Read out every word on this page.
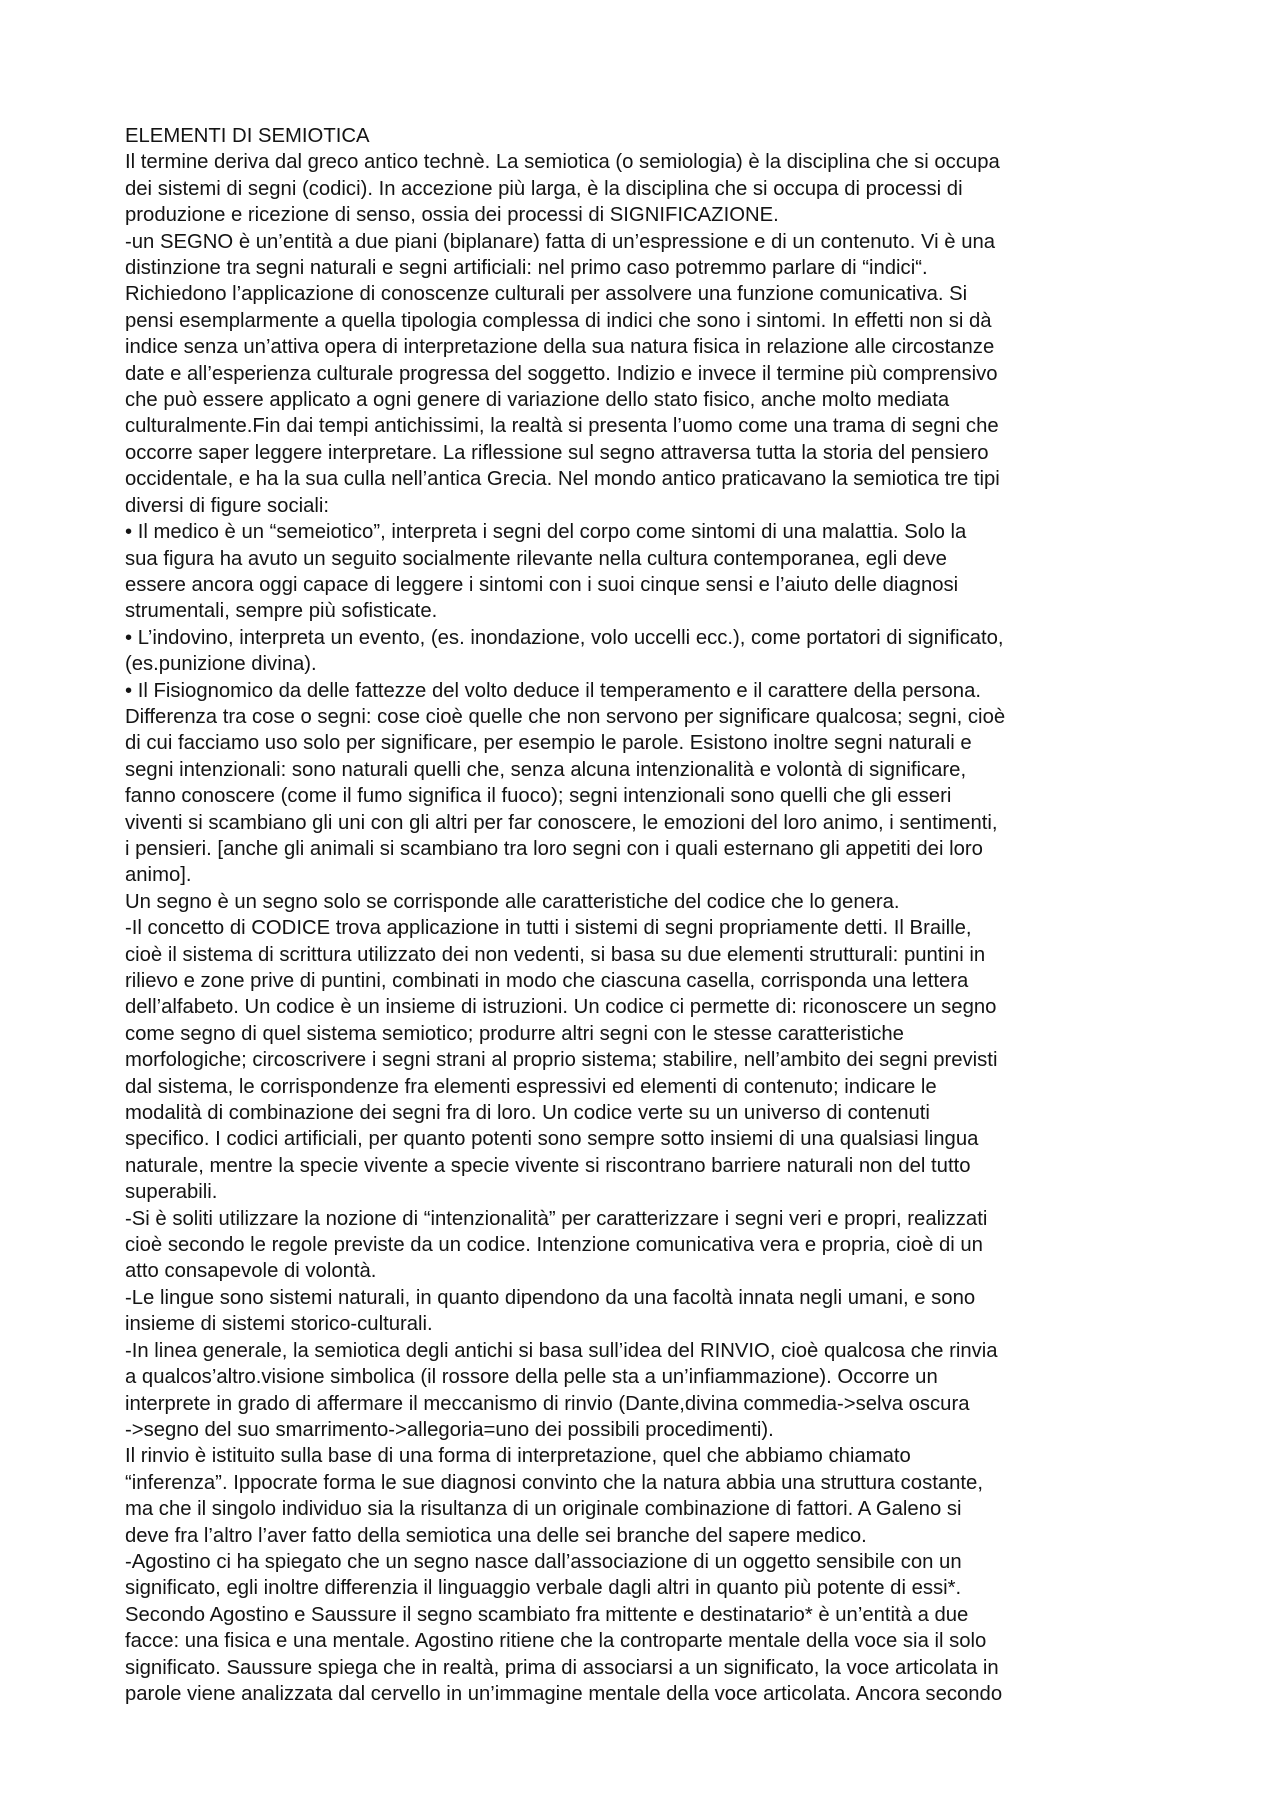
ELEMENTI DI SEMIOTICA

Il termine deriva dal greco antico technè. La semiotica (o semiologia) è la disciplina che si occupa

dei sistemi di segni (codici). In accezione più larga, è la disciplina che si occupa di processi di

produzione e ricezione di senso, ossia dei processi di SIGNIFICAZIONE.

-un SEGNO è un’entità a due piani (biplanare) fatta di un’espressione e di un contenuto. Vi è una

distinzione tra segni naturali e segni artificiali: nel primo caso potremmo parlare di “indici“.

Richiedono l’applicazione di conoscenze culturali per assolvere una funzione comunicativa. Si

pensi esemplarmente a quella tipologia complessa di indici che sono i sintomi. In effetti non si dà

indice senza un’attiva opera di interpretazione della sua natura fisica in relazione alle circostanze

date e all’esperienza culturale progressa del soggetto. Indizio e invece il termine più comprensivo

che può essere applicato a ogni genere di variazione dello stato fisico, anche molto mediata

culturalmente.Fin dai tempi antichissimi, la realtà si presenta l’uomo come una trama di segni che

occorre saper leggere interpretare. La riflessione sul segno attraversa tutta la storia del pensiero

occidentale, e ha la sua culla nell’antica Grecia. Nel mondo antico praticavano la semiotica tre tipi

diversi di figure sociali:

• Il medico è un “semeiotico”, interpreta i segni del corpo come sintomi di una malattia. Solo la

sua figura ha avuto un seguito socialmente rilevante nella cultura contemporanea, egli deve

essere ancora oggi capace di leggere i sintomi con i suoi cinque sensi e l’aiuto delle diagnosi

strumentali, sempre più sofisticate.

• L’indovino, interpreta un evento, (es. inondazione, volo uccelli ecc.), come portatori di significato,

(es.punizione divina).

• Il Fisiognomico da delle fattezze del volto deduce il temperamento e il carattere della persona.

Differenza tra cose o segni: cose cioè quelle che non servono per significare qualcosa; segni, cioè

di cui facciamo uso solo per significare, per esempio le parole. Esistono inoltre segni naturali e

segni intenzionali: sono naturali quelli che, senza alcuna intenzionalità e volontà di significare,

fanno conoscere (come il fumo significa il fuoco); segni intenzionali sono quelli che gli esseri

viventi si scambiano gli uni con gli altri per far conoscere, le emozioni del loro animo, i sentimenti,

i pensieri. [anche gli animali si scambiano tra loro segni con i quali esternano gli appetiti dei loro

animo].

Un segno è un segno solo se corrisponde alle caratteristiche del codice che lo genera.

-Il concetto di CODICE trova applicazione in tutti i sistemi di segni propriamente detti. Il Braille,

cioè il sistema di scrittura utilizzato dei non vedenti, si basa su due elementi strutturali: puntini in

rilievo e zone prive di puntini, combinati in modo che ciascuna casella, corrisponda una lettera

dell’alfabeto. Un codice è un insieme di istruzioni. Un codice ci permette di: riconoscere un segno

come segno di quel sistema semiotico; produrre altri segni con le stesse caratteristiche

morfologiche; circoscrivere i segni strani al proprio sistema; stabilire, nell’ambito dei segni previsti

dal sistema, le corrispondenze fra elementi espressivi ed elementi di contenuto; indicare le

modalità di combinazione dei segni fra di loro. Un codice verte su un universo di contenuti

specifico. I codici artificiali, per quanto potenti sono sempre sotto insiemi di una qualsiasi lingua

naturale, mentre la specie vivente a specie vivente si riscontrano barriere naturali non del tutto

superabili.

-Si è soliti utilizzare la nozione di “intenzionalità” per caratterizzare i segni veri e propri, realizzati

cioè secondo le regole previste da un codice. Intenzione comunicativa vera e propria, cioè di un

atto consapevole di volontà.

-Le lingue sono sistemi naturali, in quanto dipendono da una facoltà innata negli umani, e sono

insieme di sistemi storico-culturali.

-In linea generale, la semiotica degli antichi si basa sull’idea del RINVIO, cioè qualcosa che rinvia

a qualcos’altro.visione simbolica (il rossore della pelle sta a un’infiammazione). Occorre un

interprete in grado di affermare il meccanismo di rinvio (Dante,divina commedia->selva oscura

->segno del suo smarrimento->allegoria=uno dei possibili procedimenti).

Il rinvio è istituito sulla base di una forma di interpretazione, quel che abbiamo chiamato

“inferenza”. Ippocrate forma le sue diagnosi convinto che la natura abbia una struttura costante,

ma che il singolo individuo sia la risultanza di un originale combinazione di fattori. A Galeno si

deve fra l’altro l’aver fatto della semiotica una delle sei branche del sapere medico.

-Agostino ci ha spiegato che un segno nasce dall’associazione di un oggetto sensibile con un

significato, egli inoltre differenzia il linguaggio verbale dagli altri in quanto più potente di essi*.

Secondo Agostino e Saussure il segno scambiato fra mittente e destinatario* è un’entità a due

facce: una fisica e una mentale. Agostino ritiene che la controparte mentale della voce sia il solo

significato. Saussure spiega che in realtà, prima di associarsi a un significato, la voce articolata in

parole viene analizzata dal cervello in un’immagine mentale della voce articolata. Ancora secondo
